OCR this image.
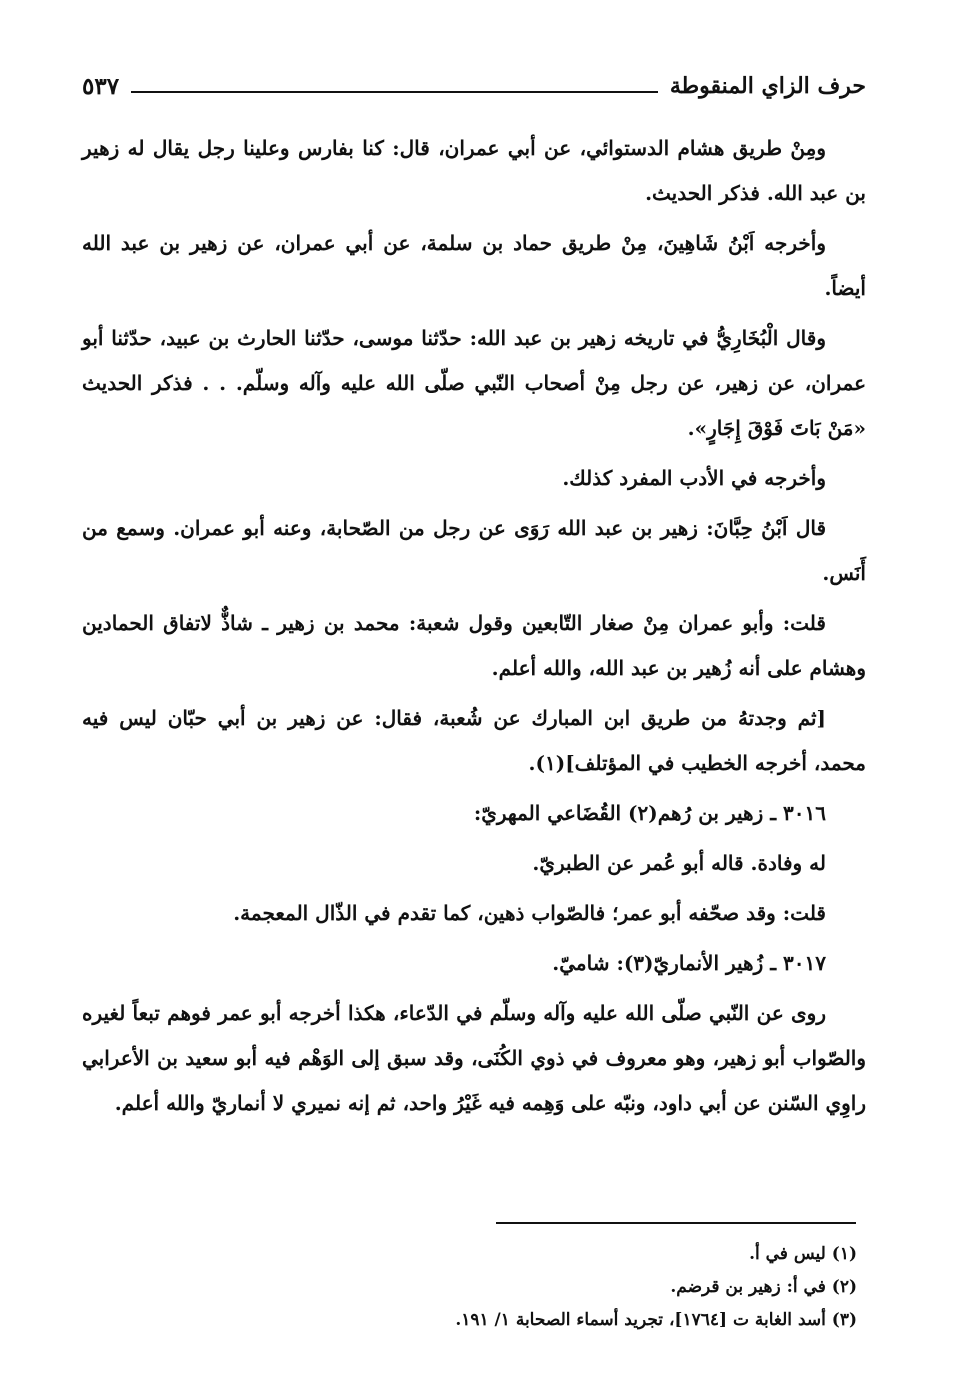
حرف الزاي المنقوطة
٥٣٧

ومِنْ طريق هشام الدستوائي، عن أبي عمران، قال: كنا بفارس وعلينا رجل يقال له زهير بن عبد الله. فذكر الحديث.

وأخرجه اَبْنُ شَاهِينَ، مِنْ طريق حماد بن سلمة، عن أبي عمران، عن زهير بن عبد الله أيضاً.

وقال الْبُخَارِيُّ في تاريخه زهير بن عبد الله: حدّثنا موسى، حدّثنا الحارث بن عبيد، حدّثنا أبو عمران، عن زهير، عن رجل مِنْ أصحاب النّبي صلّى الله عليه وآله وسلّم. . . فذكر الحديث «مَنْ بَاتَ فَوْقَ إِجَارٍ».

وأخرجه في الأدب المفرد كذلك.

قال اَبْنُ حِبَّانَ: زهير بن عبد الله رَوَى عن رجل من الصّحابة، وعنه أبو عمران. وسمع من أَنَس.

قلت: وأبو عمران مِنْ صغار التّابعين وقول شعبة: محمد بن زهير ـ شاذٌّ لاتفاق الحمادين وهشام على أنه زُهير بن عبد الله، والله أعلم.

[ثم وجدتهُ من طريق ابن المبارك عن شُعبة، فقال: عن زهير بن أبي حبّان ليس فيه محمد، أخرجه الخطيب في المؤتلف](١).

٣٠١٦ ـ زهير بن رُهم(٢) القُضَاعي المهريّ:

له وفادة. قاله أبو عُمر عن الطبريّ.

قلت: وقد صحّفه أبو عمر؛ فالصّواب ذهين، كما تقدم في الذّال المعجمة.

٣٠١٧ ـ زُهير الأنماريّ(٣): شاميّ.

روى عن النّبي صلّى الله عليه وآله وسلّم في الدّعاء، هكذا أخرجه أبو عمر فوهم تبعاً لغيره والصّواب أبو زهير، وهو معروف في ذوي الكُنَى، وقد سبق إلى الوَهْم فيه أبو سعيد بن الأعرابي راوِي السّنن عن أبي داود، ونبّه على وَهِمه فيه غَيْرُ واحد، ثم إنه نميري لا أنماريّ والله أعلم.

(١) ليس في أ.

(٢) في أ: زهير بن قرضم.

(٣) أسد الغابة ت [١٧٦٤]، تجريد أسماء الصحابة ١/ ١٩١.
